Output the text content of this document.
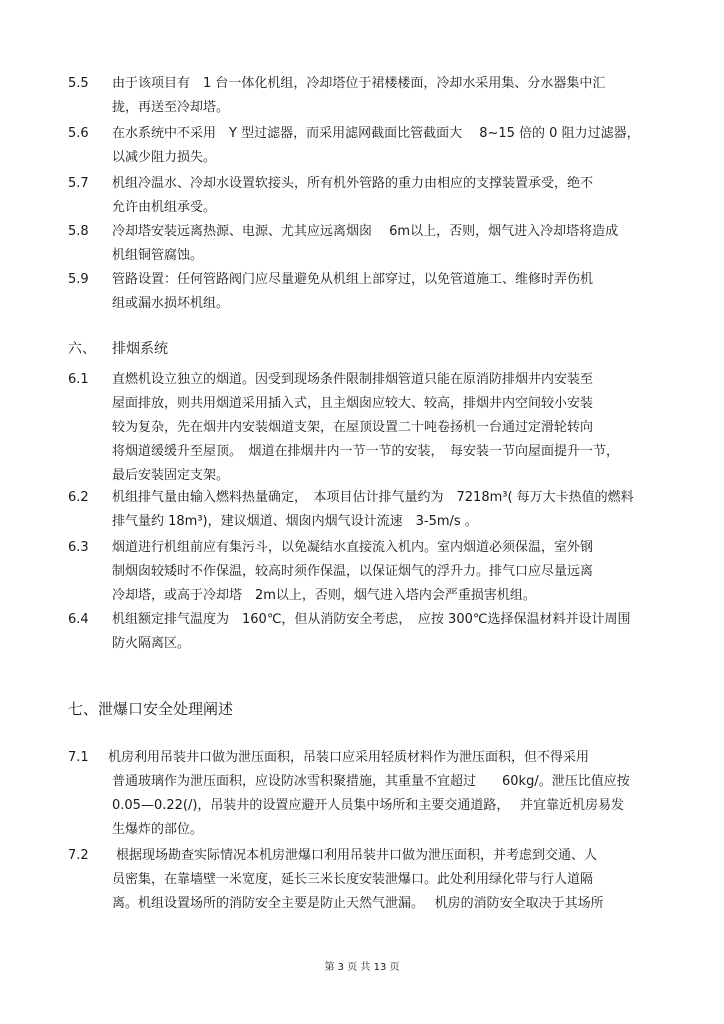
5.5 由于该项目有　1 台一体化机组，冷却塔位于裙楼楼面，冷却水采用集、分水器集中汇
拢，再送至冷却塔。
5.6 在水系统中不采用　Y 型过滤器，而采用滤网截面比管截面大　 8~15 倍的 0 阻力过滤器，
以减少阻力损失。
5.7 机组冷温水、冷却水设置软接头，所有机外管路的重力由相应的支撑装置承受，绝不
允许由机组承受。
5.8 冷却塔安装远离热源、电源、尤其应远离烟囱　 6m以上，否则，烟气进入冷却塔将造成
机组铜管腐蚀。
5.9 管路设置：任何管路阀门应尽量避免从机组上部穿过，以免管道施工、维修时弄伤机
组或漏水损坏机组。
六、 排烟系统
6.1 直燃机设立独立的烟道。因受到现场条件限制排烟管道只能在原消防排烟井内安装至
屋面排放，则共用烟道采用插入式，且主烟囱应较大、较高，排烟井内空间较小安装
较为复杂，先在烟井内安装烟道支架，在屋顶设置二十吨卷扬机一台通过定滑轮转向
将烟道缓缓升至屋顶。　烟道在排烟井内一节一节的安装，　每安装一节向屋面提升一节，
最后安装固定支架。
6.2 机组排气量由输入燃料热量确定，　本项目估计排气量约为　7218m³( 每万大卡热值的燃料
排气量约 18m³)，建议烟道、烟囱内烟气设计流速　3-5m/s 。
6.3 烟道进行机组前应有集污斗，以免凝结水直接流入机内。室内烟道必须保温，室外钢
制烟囱较矮时不作保温，较高时须作保温，以保证烟气的浮升力。排气口应尽量远离
冷却塔，或高于冷却塔　2m以上，否则，烟气进入塔内会严重损害机组。
6.4 机组额定排气温度为　160℃，但从消防安全考虑，　应按 300℃选择保温材料并设计周围
防火隔离区。
七、泄爆口安全处理阐述
7.1 机房利用吊装井口做为泄压面积，吊装口应采用轻质材料作为泄压面积，但不得采用
普通玻璃作为泄压面积，应设防冰雪积聚措施，其重量不宜超过　　60kg/。泄压比值应按
0.05—0.22(/)，吊装井的设置应避开人员集中场所和主要交通道路，　 并宜靠近机房易发
生爆炸的部位。
7.2 根据现场勘查实际情况本机房泄爆口利用吊装井口做为泄压面积，并考虑到交通、人
员密集，在靠墙壁一米宽度，延长三米长度安装泄爆口。此处利用绿化带与行人道隔
离。机组设置场所的消防安全主要是防止天然气泄漏。　 机房的消防安全取决于其场所
第 3 页 共 13 页
